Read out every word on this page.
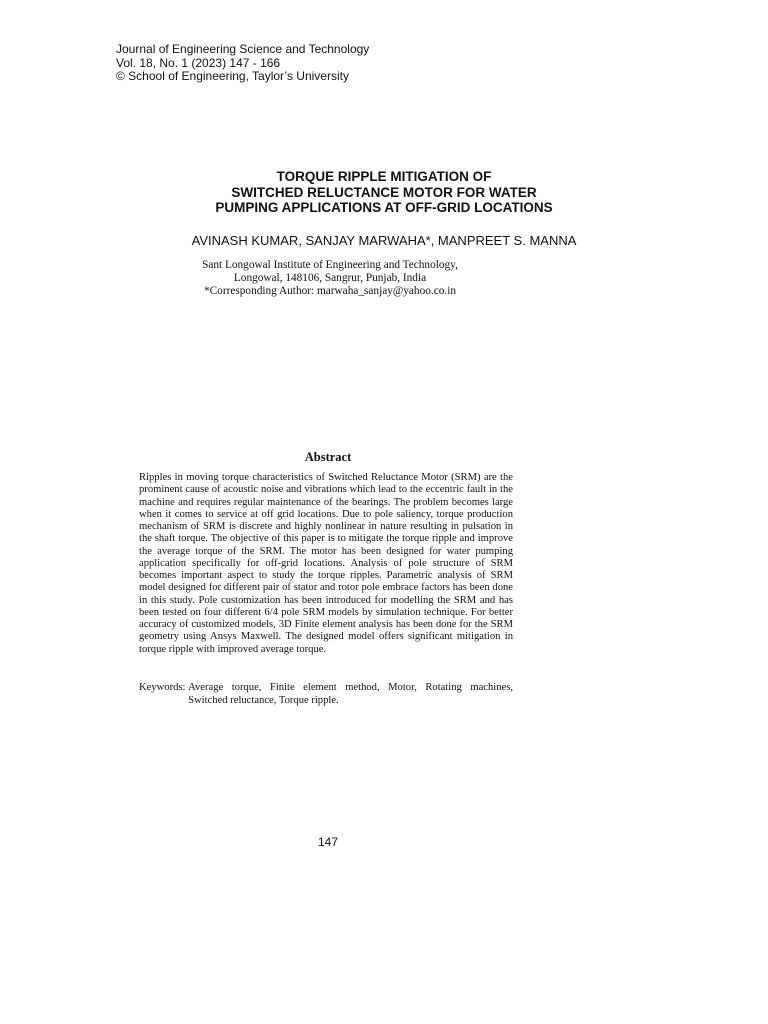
Journal of Engineering Science and Technology
Vol. 18, No. 1 (2023) 147 - 166
© School of Engineering, Taylor’s University
TORQUE RIPPLE MITIGATION OF
SWITCHED RELUCTANCE MOTOR FOR WATER
PUMPING APPLICATIONS AT OFF-GRID LOCATIONS
AVINASH KUMAR, SANJAY MARWAHA*, MANPREET S. MANNA
Sant Longowal Institute of Engineering and Technology,
Longowal, 148106, Sangrur, Punjab, India
*Corresponding Author: marwaha_sanjay@yahoo.co.in
Abstract
Ripples in moving torque characteristics of Switched Reluctance Motor (SRM) are the prominent cause of acoustic noise and vibrations which lead to the eccentric fault in the machine and requires regular maintenance of the bearings. The problem becomes large when it comes to service at off grid locations. Due to pole saliency, torque production mechanism of SRM is discrete and highly nonlinear in nature resulting in pulsation in the shaft torque. The objective of this paper is to mitigate the torque ripple and improve the average torque of the SRM. The motor has been designed for water pumping application specifically for off-grid locations. Analysis of pole structure of SRM becomes important aspect to study the torque ripples. Parametric analysis of SRM model designed for different pair of stator and rotor pole embrace factors has been done in this study. Pole customization has been introduced for modelling the SRM and has been tested on four different 6/4 pole SRM models by simulation technique. For better accuracy of customized models, 3D Finite element analysis has been done for the SRM geometry using Ansys Maxwell. The designed model offers significant mitigation in torque ripple with improved average torque.
Keywords: Average torque, Finite element method, Motor, Rotating machines, Switched reluctance, Torque ripple.
147
